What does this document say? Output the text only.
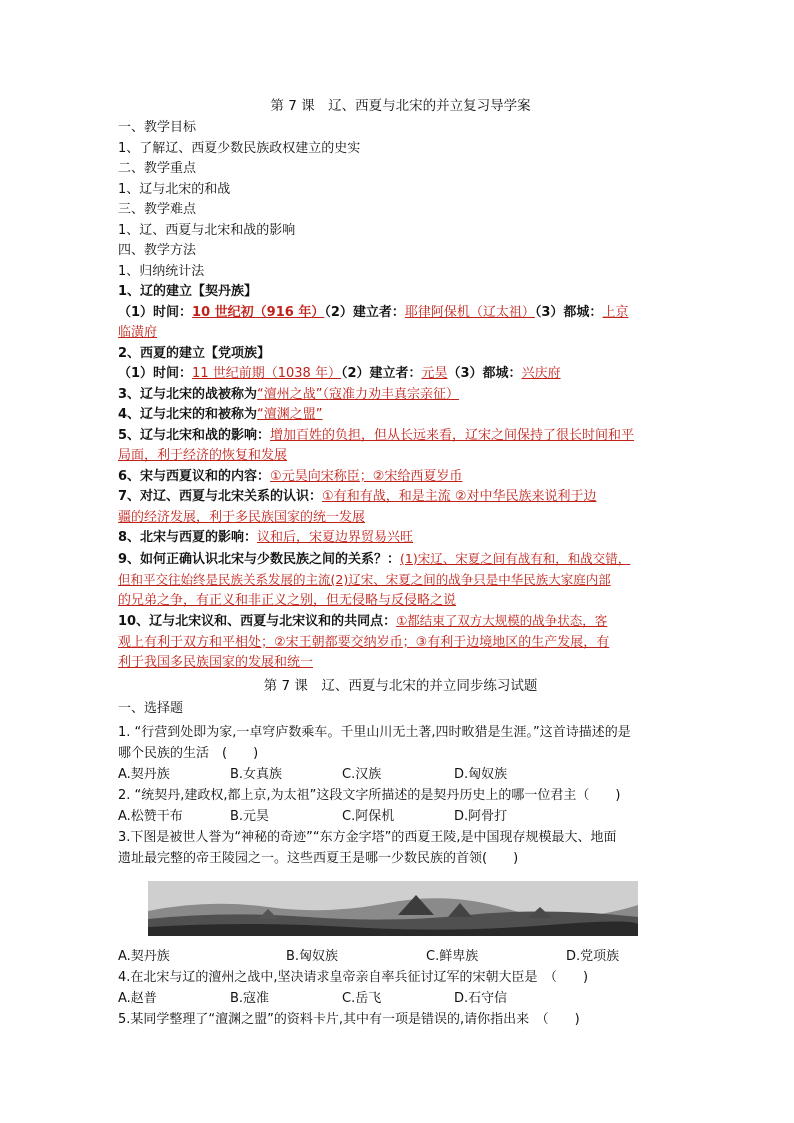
第 7 课　辽、西夏与北宋的并立复习导学案
一、教学目标
1、了解辽、西夏少数民族政权建立的史实
二、教学重点
1、辽与北宋的和战
三、教学难点
1、辽、西夏与北宋和战的影响
四、教学方法
1、归纳统计法
1、辽的建立【契丹族】
（1）时间：10 世纪初（916 年）（2）建立者：耶律阿保机（辽太祖）（3）都城：上京
临潢府
2、西夏的建立【党项族】
（1）时间：11 世纪前期（1038 年）（2）建立者：元昊（3）都城：兴庆府
3、辽与北宋的战被称为“澶州之战”（寇准力劝丰真宗亲征）
4、辽与北宋的和被称为“澶渊之盟”
5、辽与北宋和战的影响：增加百姓的负担，但从长远来看，辽宋之间保持了很长时间和平
局面，利于经济的恢复和发展
6、宋与西夏议和的内容：①元昊向宋称臣；②宋给西夏岁币
7、对辽、西夏与北宋关系的认识：①有和有战，和是主流 ②对中华民族来说利于边
疆的经济发展，利于多民族国家的统一发展
8、北宋与西夏的影响：议和后，宋夏边界贸易兴旺
9、如何正确认识北宋与少数民族之间的关系？：(1)宋辽、宋夏之间有战有和，和战交错，
但和平交往始终是民族关系发展的主流(2)辽宋、宋夏之间的战争只是中华民族大家庭内部
的兄弟之争，有正义和非正义之别，但无侵略与反侵略之说
10、辽与北宋议和、西夏与北宋议和的共同点：①都结束了双方大规模的战争状态，客
观上有利于双方和平相处；②宋王朝都要交纳岁币；③有利于边境地区的生产发展，有
利于我国多民族国家的发展和统一
第 7 课　辽、西夏与北宋的并立同步练习试题
一、选择题
1. “行营到处即为家,一卓穹庐数乘车。千里山川无土著,四时畋猎是生涯。”这首诗描述的是
哪个民族的生活　(　　)
A.契丹族	B.女真族	C.汉族	D.匈奴族
2. “统契丹,建政权,都上京,为太祖”这段文字所描述的是契丹历史上的哪一位君主（　　)
A.松赞干布	B.元昊	C.阿保机	D.阿骨打
3.下图是被世人誉为“神秘的奇迹”“东方金字塔”的西夏王陵,是中国现存规模最大、地面
遗址最完整的帝王陵园之一。这些西夏王是哪一少数民族的首领(　　)
A.契丹族	B.匈奴族	C.鲜卑族	D.党项族
4.在北宋与辽的澶州之战中,坚决请求皇帝亲自率兵征讨辽军的宋朝大臣是　（　　)
A.赵普	B.寇准	C.岳飞	D.石守信
5.某同学整理了“澶渊之盟”的资料卡片,其中有一项是错误的,请你指出来　（　　)
